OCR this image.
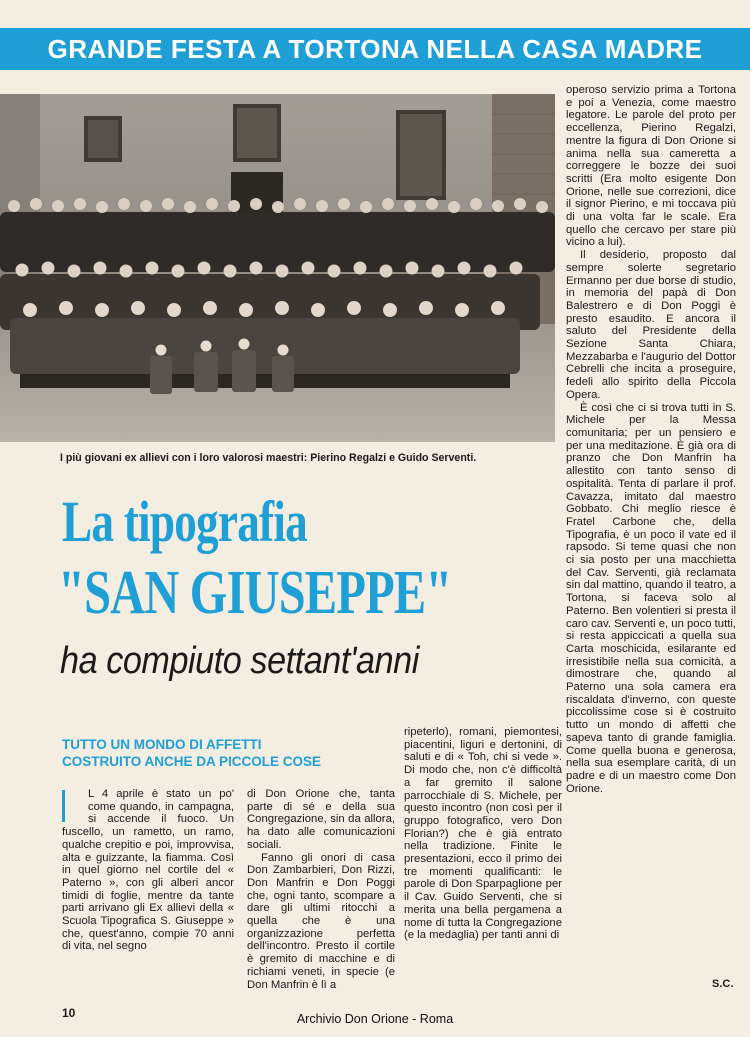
GRANDE FESTA A TORTONA NELLA CASA MADRE
I più giovani ex allievi con i loro valorosi maestri: Pierino Regalzi e Guido Serventi.
La tipografia
"SAN GIUSEPPE"
ha compiuto settant'anni
TUTTO UN MONDO DI AFFETTI
COSTRUITO ANCHE DA PICCOLE COSE

L 4 aprile è stato un po' come quando, in campagna, si accende il fuoco. Un fuscello, un rametto, un ramo, qualche crepitio e poi, improvvisa, alta e guizzante, la fiamma. Così in quel giorno nel cortile del « Paterno », con gli alberi ancor timidi di foglie, mentre da tante parti arrivano gli Ex allievi della « Scuola Tipografica S. Giuseppe » che, quest'anno, compie 70 anni di vita, nel segno

di Don Orione che, tanta parte di sé e della sua Congregazione, sin da allora, ha dato alle comunicazioni sociali.

Fanno gli onori di casa Don Zambarbieri, Don Rizzi, Don Manfrin e Don Poggi che, ogni tanto, scompare a dare gli ultimi ritocchi a quella che è una organizzazione perfetta dell'incontro. Presto il cortile è gremito di macchine e di richiami veneti, in specie (e Don Manfrin è lì a

ripeterlo), romani, piemontesi, piacentini, liguri e dertonini, di saluti e di « Toh, chi si vede ». Di modo che, non c'è difficoltà a far gremito il salone parrocchiale di S. Michele, per questo incontro (non così per il gruppo fotografico, vero Don Florian?) che è già entrato nella tradizione. Finite le presentazioni, ecco il primo dei tre momenti qualificanti: le parole di Don Sparpaglione per il Cav. Guido Serventi, che si merita una bella pergamena a nome di tutta la Congregazione (e la medaglia) per tanti anni di

operoso servizio prima a Tortona e poi a Venezia, come maestro legatore. Le parole del proto per eccellenza, Pierino Regalzi, mentre la figura di Don Orione si anima nella sua cameretta a correggere le bozze dei suoi scritti (Era molto esigente Don Orione, nelle sue correzioni, dice il signor Pierino, e mi toccava più di una volta far le scale. Era quello che cercavo per stare più vicino a lui).

Il desiderio, proposto dal sempre solerte segretario Ermanno per due borse di studio, in memoria del papà di Don Balestrero e di Don Poggi è presto esaudito. E ancora il saluto del Presidente della Sezione Santa Chiara, Mezzabarba e l'augurio del Dottor Cebrelli che incita a proseguire, fedeli allo spirito della Piccola Opera.

È così che ci si trova tutti in S. Michele per la Messa comunitaria; per un pensiero e per una meditazione. È già ora di pranzo che Don Manfrin ha allestito con tanto senso di ospitalità. Tenta di parlare il prof. Cavazza, imitato dal maestro Gobbato. Chi meglio riesce è Fratel Carbone che, della Tipografia, è un poco il vate ed il rapsodo. Si teme quasi che non ci sia posto per una macchietta del Cav. Serventi, già reclamata sin dal mattino, quando il teatro, a Tortona, si faceva solo al Paterno. Ben volentieri si presta il caro cav. Serventi e, un poco tutti, si resta appiccicati a quella sua Carta moschicida, esilarante ed irresistibile nella sua comicità, a dimostrare che, quando al Paterno una sola camera era riscaldata d'inverno, con queste piccolissime cose si è costruito tutto un mondo di affetti che sapeva tanto di grande famiglia. Come quella buona e generosa, nella sua esemplare carità, di un padre e di un maestro come Don Orione.

S.C.
10	Archivio Don Orione - Roma
